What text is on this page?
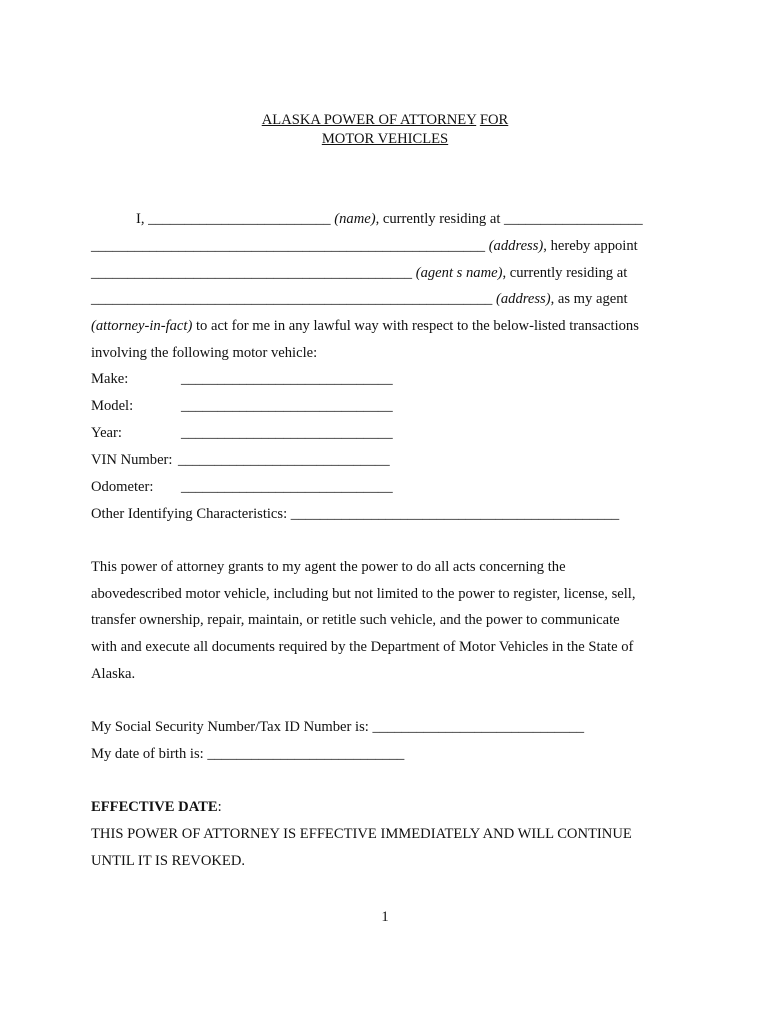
ALASKA POWER OF ATTORNEY FOR
MOTOR VEHICLES
I, _________________________ (name), currently residing at ___________________
______________________________________________________ (address), hereby appoint
____________________________________________ (agent s name), currently residing at
_______________________________________________________ (address), as my agent
(attorney-in-fact) to act for me in any lawful way with respect to the below-listed transactions
involving the following motor vehicle:
Make:	_____________________________
Model:	_____________________________
Year:	_____________________________
VIN Number: _____________________________
Odometer: _____________________________
Other Identifying Characteristics: _____________________________________________
This power of attorney grants to my agent the power to do all acts concerning the
abovedescribed motor vehicle, including but not limited to the power to register, license, sell,
transfer ownership, repair, maintain, or retitle such vehicle, and the power to communicate
with and execute all documents required by the Department of Motor Vehicles in the State of
Alaska.
My Social Security Number/Tax ID Number is: _____________________________
My date of birth is: ___________________________
EFFECTIVE DATE:
THIS POWER OF ATTORNEY IS EFFECTIVE IMMEDIATELY AND WILL CONTINUE
UNTIL IT IS REVOKED.
1
